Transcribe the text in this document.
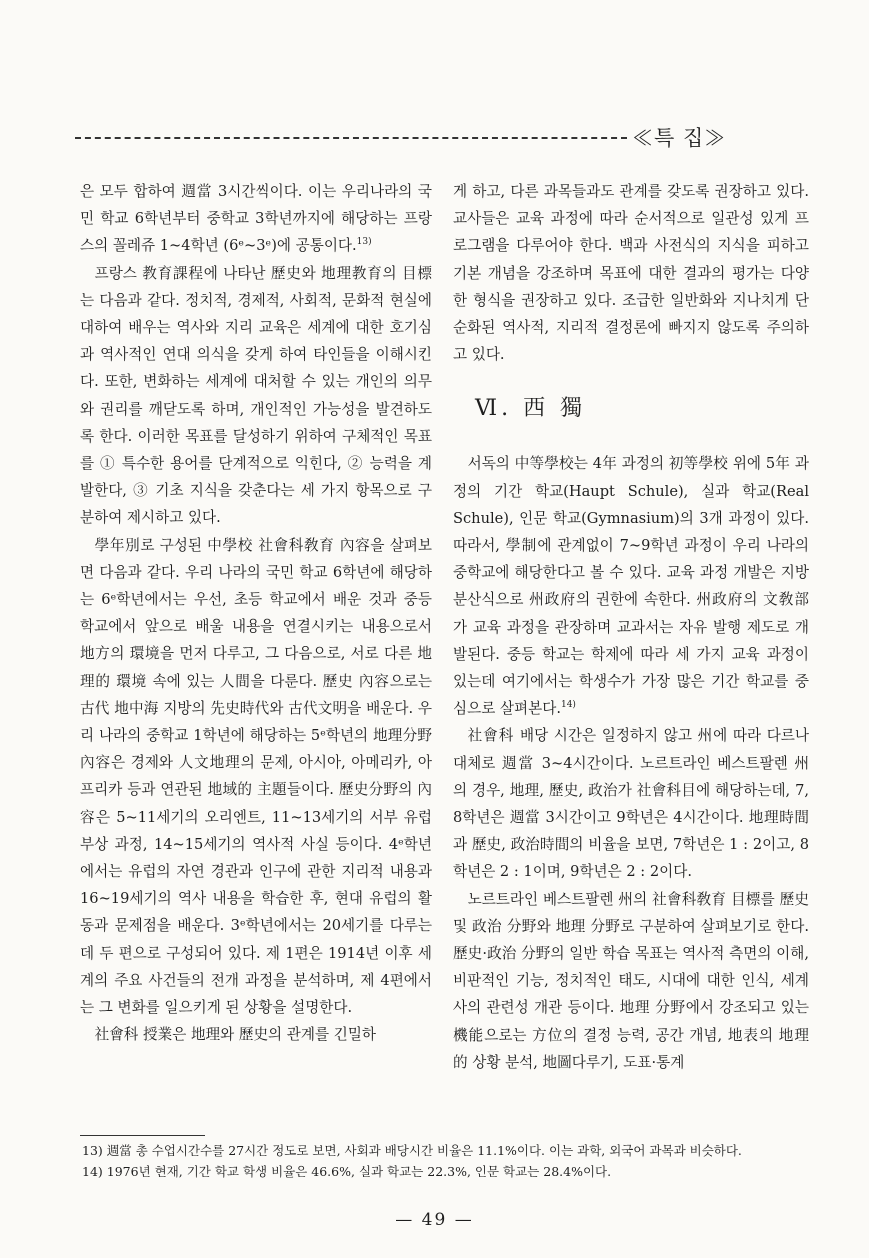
≪특 집≫

은 모두 합하여 週當 3시간씩이다. 이는 우리나라의 국민 학교 6학년부터 중학교 3학년까지에 해당하는 프랑스의 꼴레쥬 1~4학년 (6ᵉ~3ᵉ)에 공통이다.$^{13)}$

프랑스 教育課程에 나타난 歷史와 地理教育의 目標는 다음과 같다. 정치적, 경제적, 사회적, 문화적 현실에 대하여 배우는 역사와 지리 교육은 세계에 대한 호기심과 역사적인 연대 의식을 갖게 하여 타인들을 이해시킨다. 또한, 변화하는 세계에 대처할 수 있는 개인의 의무와 권리를 깨닫도록 하며, 개인적인 가능성을 발견하도록 한다. 이러한 목표를 달성하기 위하여 구체적인 목표를 ① 특수한 용어를 단계적으로 익힌다, ② 능력을 계발한다, ③ 기초 지식을 갖춘다는 세 가지 항목으로 구분하여 제시하고 있다.

學年別로 구성된 中學校 社會科敎育 內容을 살펴보면 다음과 같다. 우리 나라의 국민 학교 6학년에 해당하는 6ᵉ학년에서는 우선, 초등 학교에서 배운 것과 중등 학교에서 앞으로 배울 내용을 연결시키는 내용으로서 地方의 環境을 먼저 다루고, 그 다음으로, 서로 다른 地理的 環境 속에 있는 人間을 다룬다. 歷史 內容으로는 古代 地中海 지방의 先史時代와 古代文明을 배운다. 우리 나라의 중학교 1학년에 해당하는 5ᵉ학년의 地理分野 內容은 경제와 人文地理의 문제, 아시아, 아메리카, 아프리카 등과 연관된 地域的 主題들이다. 歷史分野의 內容은 5~11세기의 오리엔트, 11~13세기의 서부 유럽 부상 과정, 14~15세기의 역사적 사실 등이다. 4ᵉ학년에서는 유럽의 자연 경관과 인구에 관한 지리적 내용과 16~19세기의 역사 내용을 학습한 후, 현대 유럽의 활동과 문제점을 배운다. 3ᵉ학년에서는 20세기를 다루는 데 두 편으로 구성되어 있다. 제 1편은 1914년 이후 세계의 주요 사건들의 전개 과정을 분석하며, 제 4편에서는 그 변화를 일으키게 된 상황을 설명한다.

社會科 授業은 地理와 歷史의 관계를 긴밀하

게 하고, 다른 과목들과도 관계를 갖도록 권장하고 있다. 교사들은 교육 과정에 따라 순서적으로 일관성 있게 프로그램을 다루어야 한다. 백과 사전식의 지식을 피하고 기본 개념을 강조하며 목표에 대한 결과의 평가는 다양한 형식을 권장하고 있다. 조급한 일반화와 지나치게 단순화된 역사적, 지리적 결정론에 빠지지 않도록 주의하고 있다.

Ⅵ. 西 獨

서독의 中等學校는 4年 과정의 初等學校 위에 5年 과정의 기간 학교(Haupt Schule), 실과 학교(Real Schule), 인문 학교(Gymnasium)의 3개 과정이 있다. 따라서, 學制에 관계없이 7~9학년 과정이 우리 나라의 중학교에 해당한다고 볼 수 있다. 교육 과정 개발은 지방 분산식으로 州政府의 권한에 속한다. 州政府의 文敎部가 교육 과정을 관장하며 교과서는 자유 발행 제도로 개발된다. 중등 학교는 학제에 따라 세 가지 교육 과정이 있는데 여기에서는 학생수가 가장 많은 기간 학교를 중심으로 살펴본다.$^{14)}$

社會科 배당 시간은 일정하지 않고 州에 따라 다르나 대체로 週當 3~4시간이다. 노르트라인 베스트팔렌 州의 경우, 地理, 歷史, 政治가 社會科目에 해당하는데, 7, 8학년은 週當 3시간이고 9학년은 4시간이다. 地理時間과 歷史, 政治時間의 비율을 보면, 7학년은 1 : 2이고, 8학년은 2 : 1이며, 9학년은 2 : 2이다.

노르트라인 베스트팔렌 州의 社會科敎育 目標를 歷史 및 政治 分野와 地理 分野로 구분하여 살펴보기로 한다. 歷史·政治 分野의 일반 학습 목표는 역사적 측면의 이해, 비판적인 기능, 정치적인 태도, 시대에 대한 인식, 세계사의 관련성 개관 등이다. 地理 分野에서 강조되고 있는 機能으로는 方位의 결정 능력, 공간 개념, 地表의 地理的 상황 분석, 地圖다루기, 도표·통계

13) 週當 총 수업시간수를 27시간 정도로 보면, 사회과 배당시간 비율은 11.1%이다. 이는 과학, 외국어 과목과 비슷하다.
14) 1976년 현재, 기간 학교 학생 비율은 46.6%, 실과 학교는 22.3%, 인문 학교는 28.4%이다.
— 49 —
